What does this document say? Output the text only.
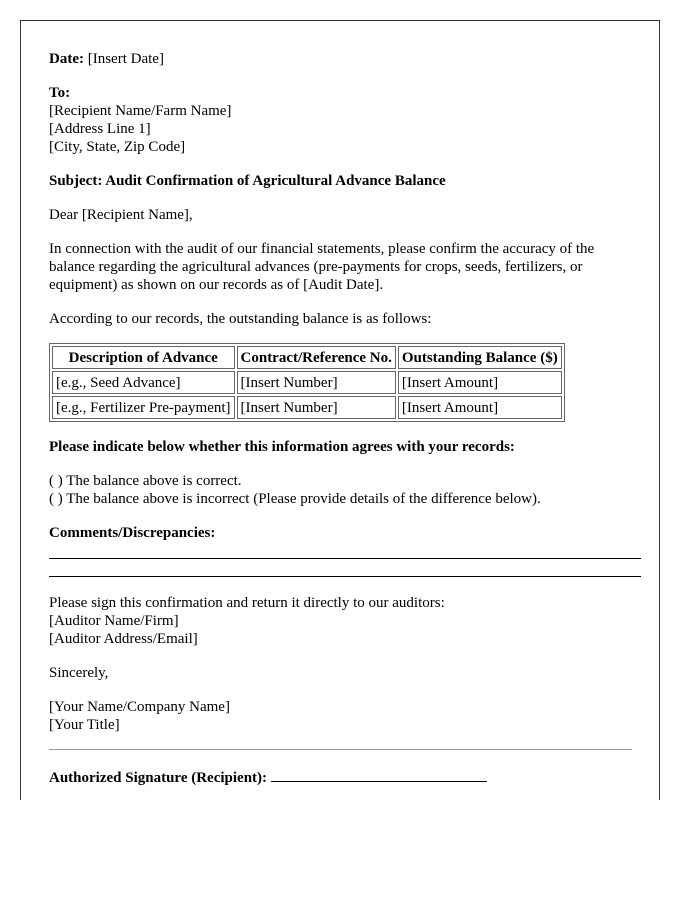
Date: [Insert Date]

To:

[Recipient Name/Farm Name]

[Address Line 1]

[City, State, Zip Code]

Subject: Audit Confirmation of Agricultural Advance Balance

Dear [Recipient Name],

In connection with the audit of our financial statements, please confirm the accuracy of the balance regarding the agricultural advances (pre-payments for crops, seeds, fertilizers, or equipment) as shown on our records as of [Audit Date].

According to our records, the outstanding balance is as follows:

Description of Advance	Contract/Reference No.	Outstanding Balance ($)
[e.g., Seed Advance]	[Insert Number]	[Insert Amount]
[e.g., Fertilizer Pre-payment]	[Insert Number]	[Insert Amount]

Please indicate below whether this information agrees with your records:

( ) The balance above is correct.

( ) The balance above is incorrect (Please provide details of the difference below).

Comments/Discrepancies:

Please sign this confirmation and return it directly to our auditors:

[Auditor Name/Firm]

[Auditor Address/Email]

Sincerely,

[Your Name/Company Name]

[Your Title]

Authorized Signature (Recipient):
